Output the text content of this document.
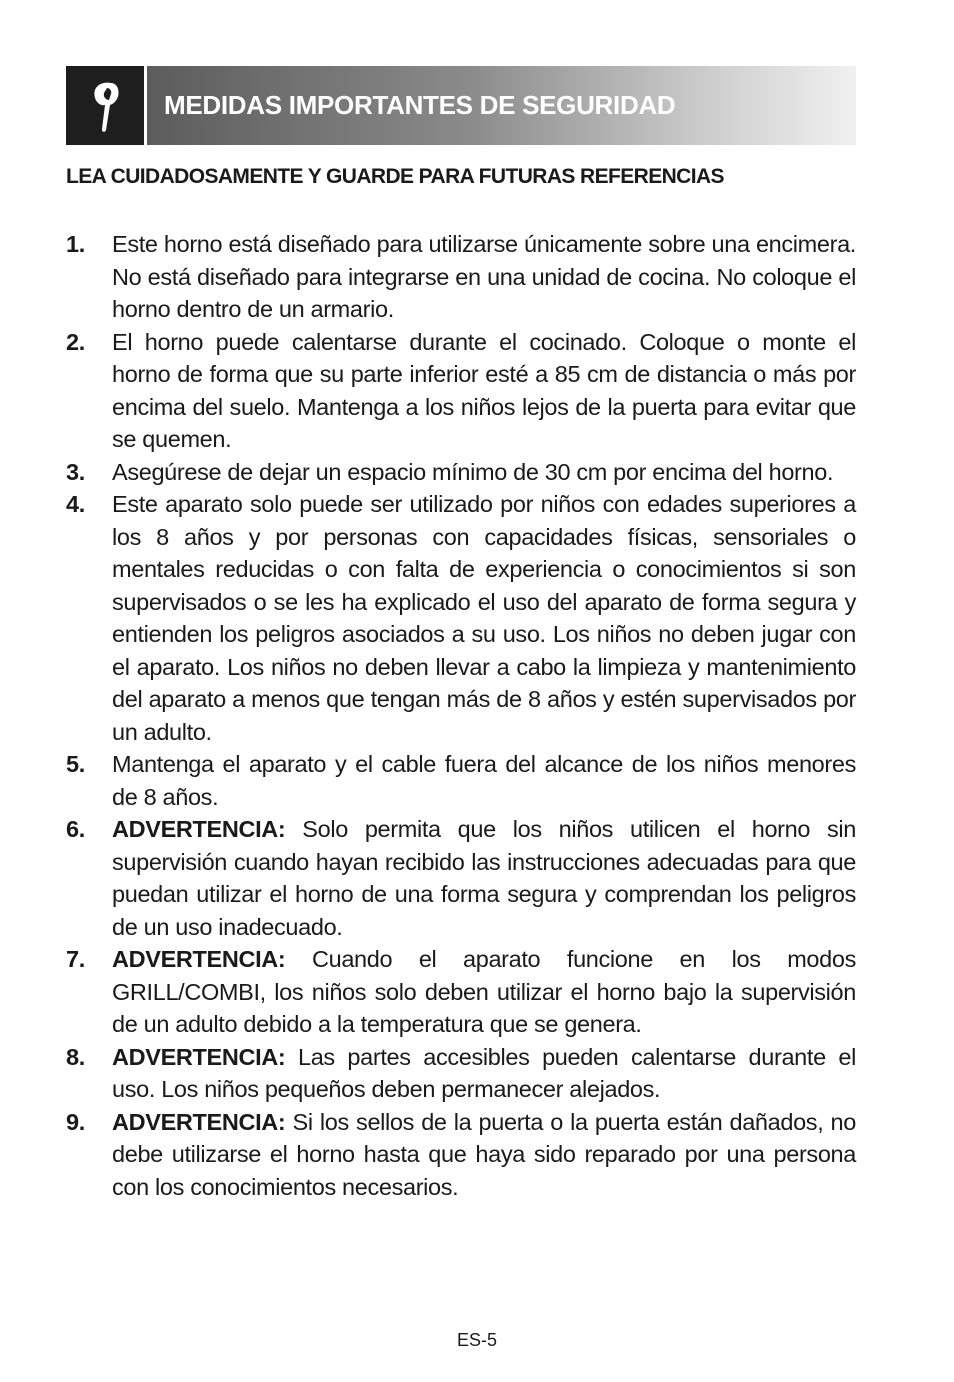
MEDIDAS IMPORTANTES DE SEGURIDAD
LEA CUIDADOSAMENTE Y GUARDE PARA FUTURAS REFERENCIAS
1.	Este horno está diseñado para utilizarse únicamente sobre una encimera. No está diseñado para integrarse en una unidad de cocina. No coloque el horno dentro de un armario.
2.	El horno puede calentarse durante el cocinado. Coloque o monte el horno de forma que su parte inferior esté a 85 cm de distancia o más por encima del suelo. Mantenga a los niños lejos de la puerta para evitar que se quemen.
3.	Asegúrese de dejar un espacio mínimo de 30 cm por encima del horno.
4.	Este aparato solo puede ser utilizado por niños con edades superiores a los 8 años y por personas con capacidades físicas, sensoriales o mentales reducidas o con falta de experiencia o conocimientos si son supervisados o se les ha explicado el uso del aparato de forma segura y entienden los peligros asociados a su uso. Los niños no deben jugar con el aparato. Los niños no deben llevar a cabo la limpieza y mantenimiento del aparato a menos que tengan más de 8 años y estén supervisados por un adulto.
5.	Mantenga el aparato y el cable fuera del alcance de los niños menores de 8 años.
6.	ADVERTENCIA: Solo permita que los niños utilicen el horno sin supervisión cuando hayan recibido las instrucciones adecuadas para que puedan utilizar el horno de una forma segura y comprendan los peligros de un uso inadecuado.
7.	ADVERTENCIA: Cuando el aparato funcione en los modos GRILL/COMBI, los niños solo deben utilizar el horno bajo la supervisión de un adulto debido a la temperatura que se genera.
8.	ADVERTENCIA: Las partes accesibles pueden calentarse durante el uso. Los niños pequeños deben permanecer alejados.
9.	ADVERTENCIA: Si los sellos de la puerta o la puerta están dañados, no debe utilizarse el horno hasta que haya sido reparado por una persona con los conocimientos necesarios.
ES-5
